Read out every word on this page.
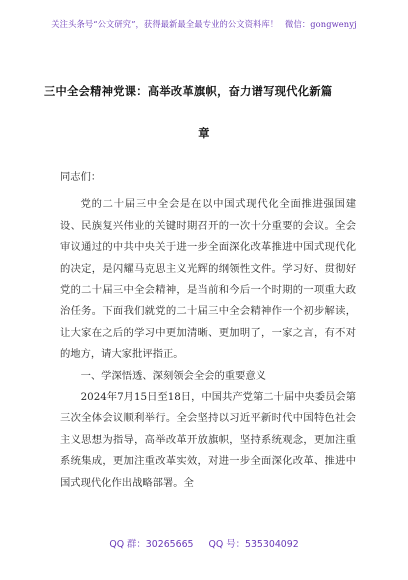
关注头条号“公文研究”，获得最新最全最专业的公文资料库！ 微信：gongwenyj
三中全会精神党课：高举改革旗帜，奋力谱写现代化新篇
章

同志们：

党的二十届三中全会是在以中国式现代化全面推进强国建设、民族复兴伟业的关键时期召开的一次十分重要的会议。全会审议通过的中共中央关于进一步全面深化改革推进中国式现代化的决定，是闪耀马克思主义光辉的纲领性文件。学习好、贯彻好党的二十届三中全会精神，是当前和今后一个时期的一项重大政治任务。下面我们就党的二十届三中全会精神作一个初步解读，让大家在之后的学习中更加清晰、更加明了，一家之言，有不对的地方，请大家批评指正。

一、学深悟透、深刻领会全会的重要意义

2024年7月15日至18日，中国共产党第二十届中央委员会第三次全体会议顺利举行。全会坚持以习近平新时代中国特色社会主义思想为指导，高举改革开放旗帜，坚持系统观念，更加注重系统集成，更加注重改革实效，对进一步全面深化改革、推进中国式现代化作出战略部署。全

QQ 群：30265665 QQ 号：535304092
